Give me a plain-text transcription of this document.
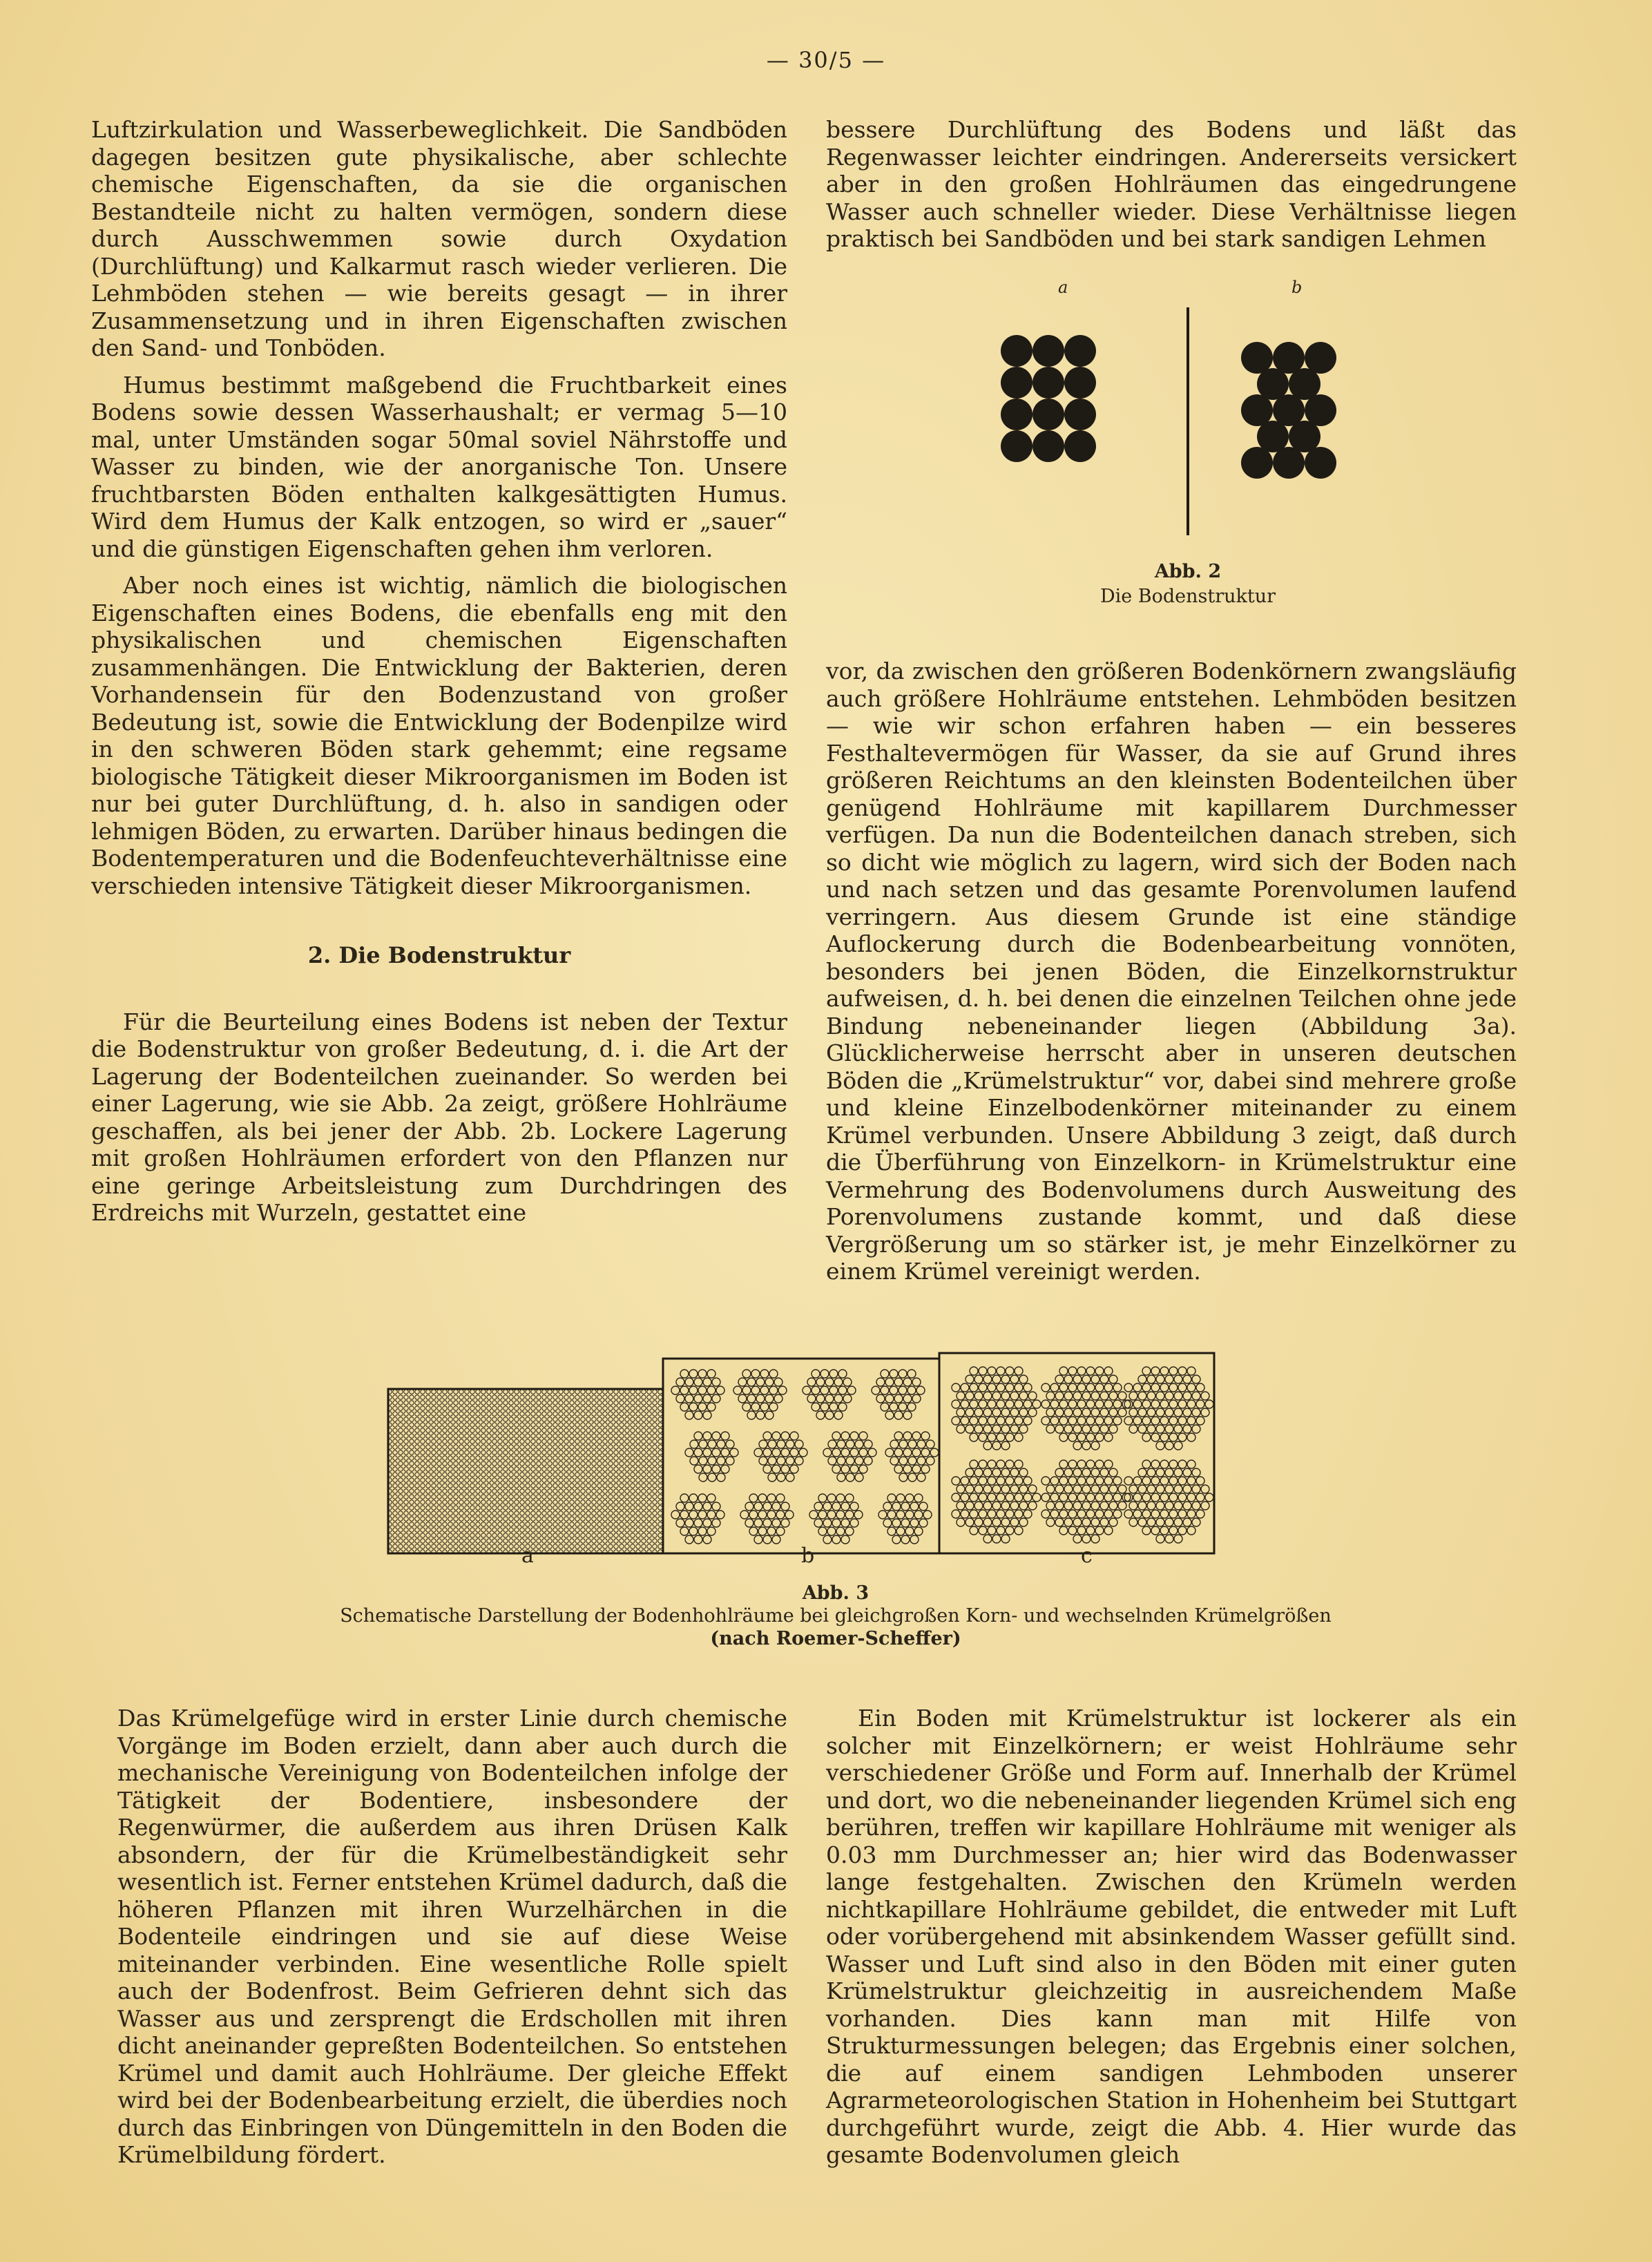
— 30/5 —

Luftzirkulation und Wasserbeweglichkeit. Die Sandböden dagegen besitzen gute physikalische, aber schlechte chemische Eigenschaften, da sie die organischen Bestandteile nicht zu halten vermögen, sondern diese durch Ausschwemmen sowie durch Oxydation (Durchlüftung) und Kalkarmut rasch wieder verlieren. Die Lehmböden stehen — wie bereits gesagt — in ihrer Zusammensetzung und in ihren Eigenschaften zwischen den Sand- und Tonböden.

Humus bestimmt maßgebend die Fruchtbarkeit eines Bodens sowie dessen Wasserhaushalt; er vermag 5—10 mal, unter Umständen sogar 50mal soviel Nährstoffe und Wasser zu binden, wie der anorganische Ton. Unsere fruchtbarsten Böden enthalten kalkgesättigten Humus. Wird dem Humus der Kalk entzogen, so wird er „sauer“ und die günstigen Eigenschaften gehen ihm verloren.

Aber noch eines ist wichtig, nämlich die biologischen Eigenschaften eines Bodens, die ebenfalls eng mit den physikalischen und chemischen Eigenschaften zusammenhängen. Die Entwicklung der Bakterien, deren Vorhandensein für den Bodenzustand von großer Bedeutung ist, sowie die Entwicklung der Bodenpilze wird in den schweren Böden stark gehemmt; eine regsame biologische Tätigkeit dieser Mikroorganismen im Boden ist nur bei guter Durchlüftung, d. h. also in sandigen oder lehmigen Böden, zu erwarten. Darüber hinaus bedingen die Bodentemperaturen und die Bodenfeuchteverhältnisse eine verschieden intensive Tätigkeit dieser Mikroorganismen.

2. Die Bodenstruktur

Für die Beurteilung eines Bodens ist neben der Textur die Bodenstruktur von großer Bedeutung, d. i. die Art der Lagerung der Bodenteilchen zueinander. So werden bei einer Lagerung, wie sie Abb. 2a zeigt, größere Hohlräume geschaffen, als bei jener der Abb. 2b. Lockere Lagerung mit großen Hohlräumen erfordert von den Pflanzen nur eine geringe Arbeitsleistung zum Durchdringen des Erdreichs mit Wurzeln, gestattet eine

bessere Durchlüftung des Bodens und läßt das Regenwasser leichter eindringen. Andererseits versickert aber in den großen Hohlräumen das eingedrungene Wasser auch schneller wieder. Diese Verhältnisse liegen praktisch bei Sandböden und bei stark sandigen Lehmen

a	b
Abb. 2
Die Bodenstruktur

vor, da zwischen den größeren Bodenkörnern zwangsläufig auch größere Hohlräume entstehen. Lehmböden besitzen — wie wir schon erfahren haben — ein besseres Festhaltevermögen für Wasser, da sie auf Grund ihres größeren Reichtums an den kleinsten Bodenteilchen über genügend Hohlräume mit kapillarem Durchmesser verfügen. Da nun die Bodenteilchen danach streben, sich so dicht wie möglich zu lagern, wird sich der Boden nach und nach setzen und das gesamte Porenvolumen laufend verringern. Aus diesem Grunde ist eine ständige Auflockerung durch die Bodenbearbeitung vonnöten, besonders bei jenen Böden, die Einzelkornstruktur aufweisen, d. h. bei denen die einzelnen Teilchen ohne jede Bindung nebeneinander liegen (Abbildung 3a). Glücklicherweise herrscht aber in unseren deutschen Böden die „Krümelstruktur“ vor, dabei sind mehrere große und kleine Einzelbodenkörner miteinander zu einem Krümel verbunden. Unsere Abbildung 3 zeigt, daß durch die Überführung von Einzelkorn- in Krümelstruktur eine Vermehrung des Bodenvolumens durch Ausweitung des Porenvolumens zustande kommt, und daß diese Vergrößerung um so stärker ist, je mehr Einzelkörner zu einem Krümel vereinigt werden.

a	b	c
Abb. 3
Schematische Darstellung der Bodenhohlräume bei gleichgroßen Korn- und wechselnden Krümelgrößen
(nach Roemer-Scheffer)

Das Krümelgefüge wird in erster Linie durch chemische Vorgänge im Boden erzielt, dann aber auch durch die mechanische Vereinigung von Bodenteilchen infolge der Tätigkeit der Bodentiere, insbesondere der Regenwürmer, die außerdem aus ihren Drüsen Kalk absondern, der für die Krümelbeständigkeit sehr wesentlich ist. Ferner entstehen Krümel dadurch, daß die höheren Pflanzen mit ihren Wurzelhärchen in die Bodenteile eindringen und sie auf diese Weise miteinander verbinden. Eine wesentliche Rolle spielt auch der Bodenfrost. Beim Gefrieren dehnt sich das Wasser aus und zersprengt die Erdschollen mit ihren dicht aneinander gepreßten Bodenteilchen. So entstehen Krümel und damit auch Hohlräume. Der gleiche Effekt wird bei der Bodenbearbeitung erzielt, die überdies noch durch das Einbringen von Düngemitteln in den Boden die Krümelbildung fördert.

Ein Boden mit Krümelstruktur ist lockerer als ein solcher mit Einzelkörnern; er weist Hohlräume sehr verschiedener Größe und Form auf. Innerhalb der Krümel und dort, wo die nebeneinander liegenden Krümel sich eng berühren, treffen wir kapillare Hohlräume mit weniger als 0.03 mm Durchmesser an; hier wird das Bodenwasser lange festgehalten. Zwischen den Krümeln werden nichtkapillare Hohlräume gebildet, die entweder mit Luft oder vorübergehend mit absinkendem Wasser gefüllt sind. Wasser und Luft sind also in den Böden mit einer guten Krümelstruktur gleichzeitig in ausreichendem Maße vorhanden. Dies kann man mit Hilfe von Strukturmessungen belegen; das Ergebnis einer solchen, die auf einem sandigen Lehmboden unserer Agrarmeteorologischen Station in Hohenheim bei Stuttgart durchgeführt wurde, zeigt die Abb. 4. Hier wurde das gesamte Bodenvolumen gleich
